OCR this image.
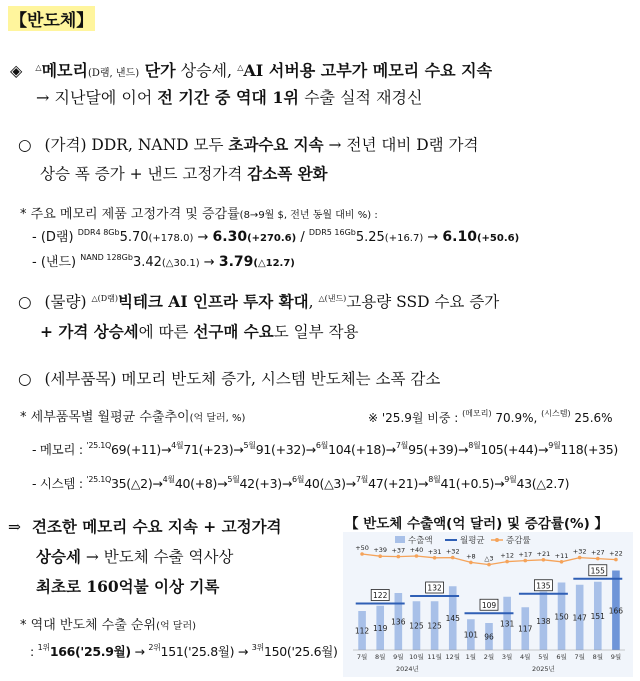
【반도체】
◈ △메모리(D램, 낸드) 단가 상승세, △AI 서버용 고부가 메모리 수요 지속
→ 지난달에 이어 전 기간 중 역대 1위 수출 실적 재경신
○ (가격) DDR, NAND 모두 초과수요 지속 → 전년 대비 D램 가격
상승 폭 증가 + 낸드 고정가격 감소폭 완화
* 주요 메모리 제품 고정가격 및 증감률(8→9월 $, 전년 동월 대비 %) :
- (D램) $^{DDR4 8Gb}$5.70(+178.0) → 6.30(+270.6) / $^{DDR5 16Gb}$5.25(+16.7) → 6.10(+50.6)
- (낸드) $^{NAND 128Gb}$3.42(△30.1) → 3.79(△12.7)
○ (물량) $^{\triangle(D램)}$빅테크 AI 인프라 투자 확대, $^{\triangle(낸드)}$고용량 SSD 수요 증가
+ 가격 상승세에 따른 선구매 수요도 일부 작용
○ (세부품목) 메모리 반도체 증가, 시스템 반도체는 소폭 감소
* 세부품목별 월평균 수출추이(억 달러, %)	※ '25.9월 비중 : $^{(메모리)}$ 70.9%, $^{(시스템)}$ 25.6%
- 메모리 : $^{'25.1Q}$69(+11)→$^{4월}$71(+23)→$^{5월}$91(+32)→$^{6월}$104(+18)→$^{7월}$95(+39)→$^{8월}$105(+44)→$^{9월}$118(+35)
- 시스템 : $^{'25.1Q}$35(△2)→$^{4월}$40(+8)→$^{5월}$42(+3)→$^{6월}$40(△3)→$^{7월}$47(+21)→$^{8월}$41(+0.5)→$^{9월}$43(△2.7)
⇒ 견조한 메모리 수요 지속 + 고정가격
상승세 → 반도체 수출 역사상
최초로 160억불 이상 기록
* 역대 반도체 수출 순위(억 달러)
: $^{1위}$166('25.9월) → $^{2위}$151('25.8월) → $^{3위}$150('25.6월)
【 반도체 수출액(억 달러) 및 증감률(%) 】
수출액	월평균	증감률
112 119
136 125 125
145
101 96
131
117
138 150 147 151
166
122
132
109
135
155
+50 +39 +37 +40 +31 +32
+8 △3 +12 +17 +21 +11
+32 +27 +22
7월 8월 9월 10월 11월 12월 1월 2월 3월 4월 5월 6월 7월 8월 9월
2024년	2025년
